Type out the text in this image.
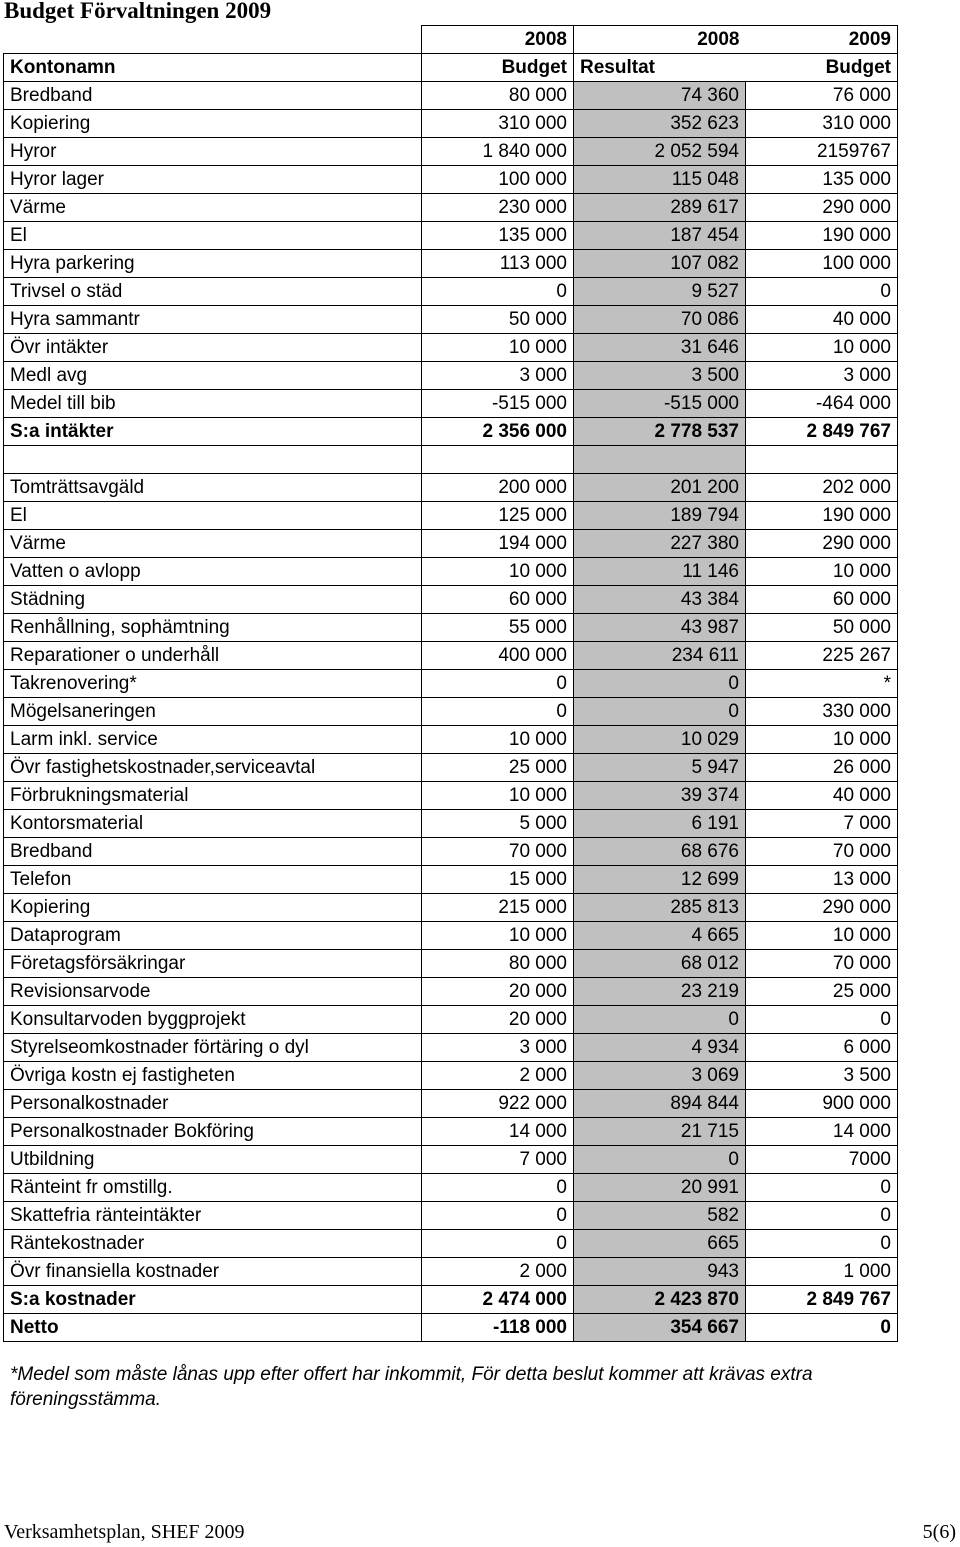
Budget Förvaltningen 2009
	2008	2008	2009
Kontonamn	Budget	Resultat	Budget
Bredband	80 000	74 360	76 000
Kopiering	310 000	352 623	310 000
Hyror	1 840 000	2 052 594	2159767
Hyror lager	100 000	115 048	135 000
Värme	230 000	289 617	290 000
El	135 000	187 454	190 000
Hyra parkering	113 000	107 082	100 000
Trivsel o städ	0	9 527	0
Hyra sammantr	50 000	70 086	40 000
Övr intäkter	10 000	31 646	10 000
Medl avg	3 000	3 500	3 000
Medel till bib	-515 000	-515 000	-464 000
S:a intäkter	2 356 000	2 778 537	2 849 767

Tomträttsavgäld	200 000	201 200	202 000
El	125 000	189 794	190 000
Värme	194 000	227 380	290 000
Vatten o avlopp	10 000	11 146	10 000
Städning	60 000	43 384	60 000
Renhållning, sophämtning	55 000	43 987	50 000
Reparationer o underhåll	400 000	234 611	225 267
Takrenovering*	0	0	*
Mögelsaneringen	0	0	330 000
Larm inkl. service	10 000	10 029	10 000
Övr fastighetskostnader,serviceavtal	25 000	5 947	26 000
Förbrukningsmaterial	10 000	39 374	40 000
Kontorsmaterial	5 000	6 191	7 000
Bredband	70 000	68 676	70 000
Telefon	15 000	12 699	13 000
Kopiering	215 000	285 813	290 000
Dataprogram	10 000	4 665	10 000
Företagsförsäkringar	80 000	68 012	70 000
Revisionsarvode	20 000	23 219	25 000
Konsultarvoden byggprojekt	20 000	0	0
Styrelseomkostnader förtäring o dyl	3 000	4 934	6 000
Övriga kostn ej fastigheten	2 000	3 069	3 500
Personalkostnader	922 000	894 844	900 000
Personalkostnader Bokföring	14 000	21 715	14 000
Utbildning	7 000	0	7000
Ränteint fr omstillg.	0	20 991	0
Skattefria ränteintäkter	0	582	0
Räntekostnader	0	665	0
Övr finansiella kostnader	2 000	943	1 000
S:a kostnader	2 474 000	2 423 870	2 849 767
Netto	-118 000	354 667	0
*Medel som måste lånas upp efter offert har inkommit, För detta beslut kommer att krävas extra föreningsstämma.
Verksamhetsplan, SHEF 2009	5(6)
